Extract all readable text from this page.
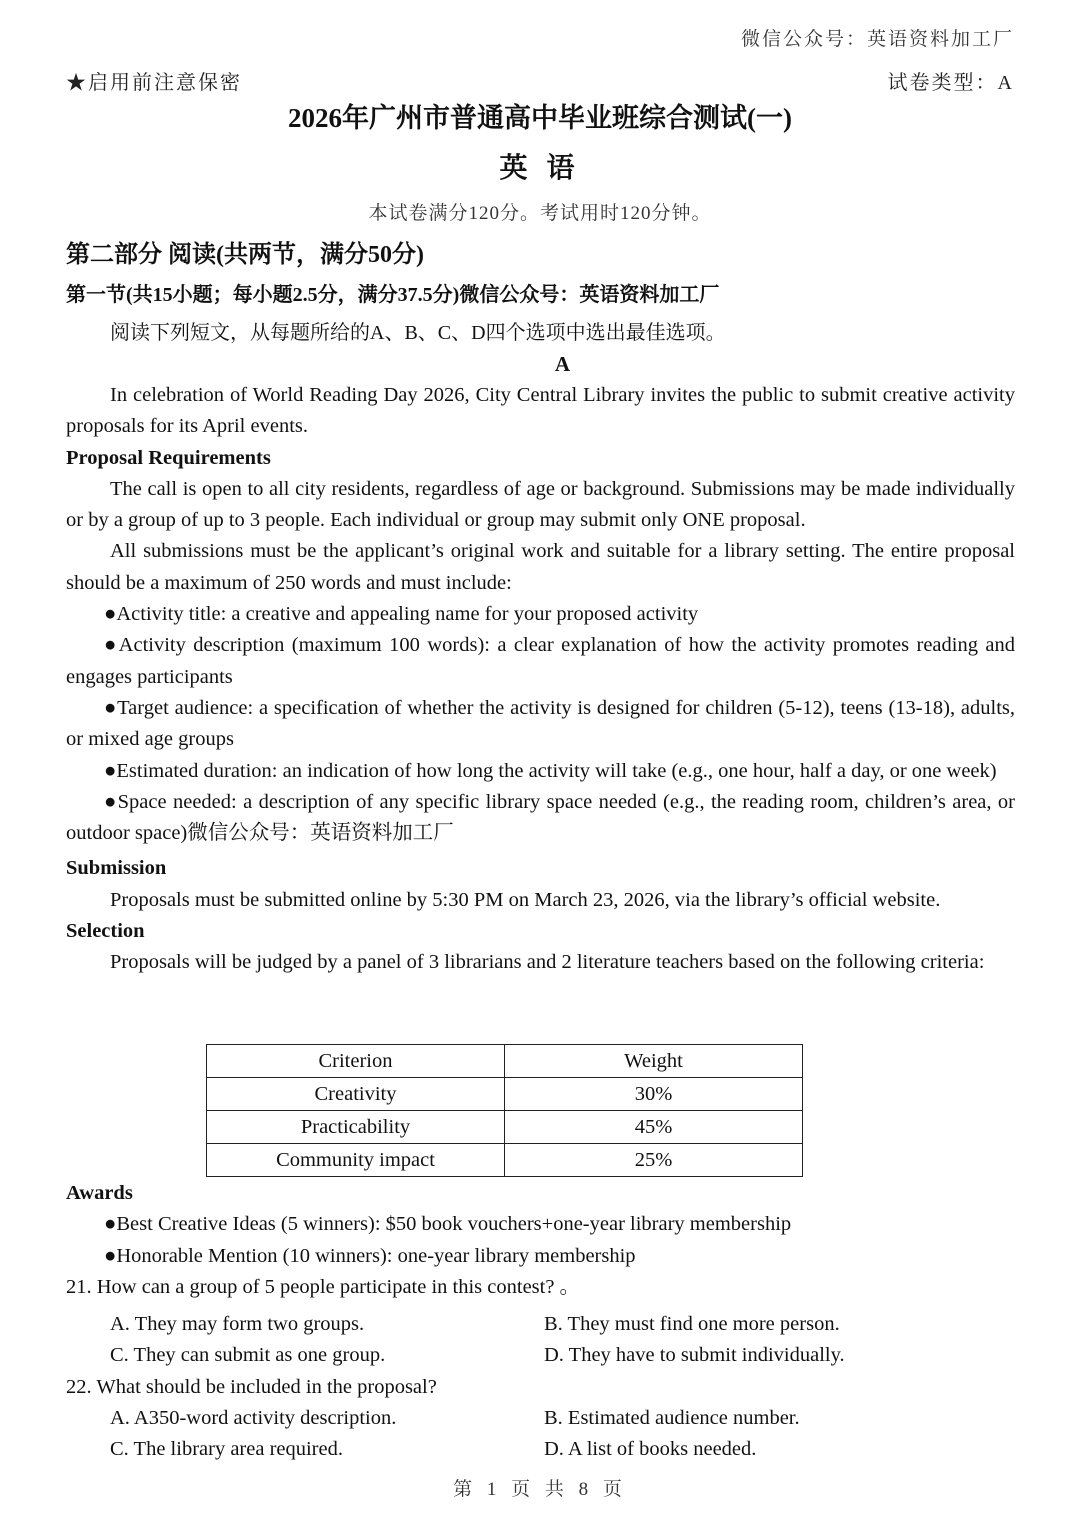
微信公众号：英语资料加工厂
★启用前注意保密	试卷类型：A
2026年广州市普通高中毕业班综合测试(一)
英 语
本试卷满分120分。考试用时120分钟。
第二部分 阅读(共两节，满分50分)
第一节(共15小题；每小题2.5分，满分37.5分)微信公众号：英语资料加工厂
阅读下列短文，从每题所给的A、B、C、D四个选项中选出最佳选项。
A

In celebration of World Reading Day 2026, City Central Library invites the public to submit creative activity proposals for its April events.

Proposal Requirements

The call is open to all city residents, regardless of age or background. Submissions may be made individually or by a group of up to 3 people. Each individual or group may submit only ONE proposal.

All submissions must be the applicant’s original work and suitable for a library setting. The entire proposal should be a maximum of 250 words and must include:

●Activity title: a creative and appealing name for your proposed activity

●Activity description (maximum 100 words): a clear explanation of how the activity promotes reading and engages participants

●Target audience: a specification of whether the activity is designed for children (5-12), teens (13-18), adults, or mixed age groups

●Estimated duration: an indication of how long the activity will take (e.g., one hour, half a day, or one week)

●Space needed: a description of any specific library space needed (e.g., the reading room, children’s area, or outdoor space)微信公众号：英语资料加工厂

Submission

Proposals must be submitted online by 5:30 PM on March 23, 2026, via the library’s official website.

Selection

Proposals will be judged by a panel of 3 librarians and 2 literature teachers based on the following criteria:

Criterion	Weight
Creativity	30%
Practicability	45%
Community impact	25%

Awards

●Best Creative Ideas (5 winners): $50 book vouchers+one-year library membership

●Honorable Mention (10 winners): one-year library membership

21. How can a group of 5 people participate in this contest? 。

A. They may form two groups.	B. They must find one more person.
C. They can submit as one group.	D. They have to submit individually.

22. What should be included in the proposal?

A. A350-word activity description.	B. Estimated audience number.
C. The library area required.	D. A list of books needed.
第 1 页 共 8 页
